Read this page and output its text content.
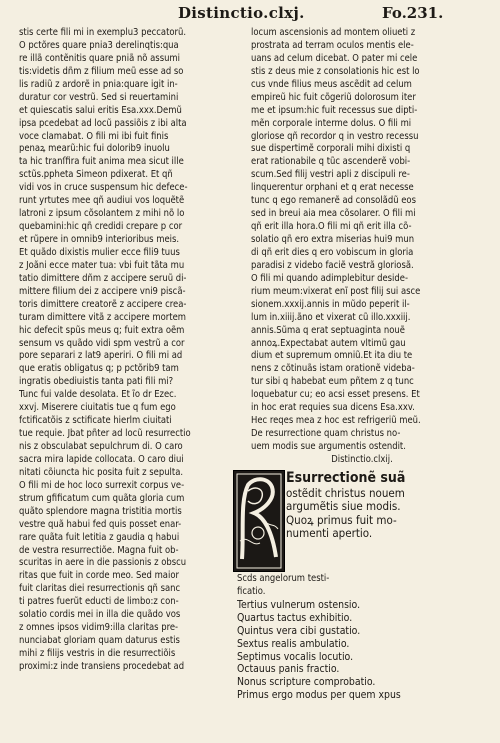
Distinctio.clxj.	Fo.231.
stis certe fili mi in exemplu3 peccatorũ.
O pctõres quare pnia3 derelinqtis:qua
re illã contẽnitis quare pniã nõ assumi
tis:videtis dñm z filium meũ esse ad so
lis radiũ z ardorẽ in pnia:quare igit in-
duratur cor vestrũ. Sed si reuertamini
et quiescatis salui eritis Esa.xxx.Demũ
ipsa pcedebat ad locũ passiõis z ibi alta
voce clamabat. O fili mi ibi fuit finis
penaꝝ mearũ:hic fui dolorib9 inuolu
ta hic tranſfira fuit anima mea sicut ille
sctũs.ppheta Simeon pdixerat. Et qñ
vidi vos in cruce suspensum hic defece-
runt yrtutes mee qñ audiui vos loquẽtẽ
latroni z ipsum cõsolantem z mihi nõ lo
quebamini:hic qñ credidi crepare p cor
et rũpere in omnib9 interioribus meis.
Et quãdo dixistis mulier ecce fili9 tuus
z Joãni ecce mater tua: vbi fuit tãta mu
tatio dimittere dñm z accipere seruũ di-
mittere filium dei z accipere vni9 piscã-
toris dimittere creatorẽ z accipere crea-
turam dimittere vitã z accipere mortem
hic defecit spũs meus q; fuit extra oẽm
sensum vs quãdo vidi spm vestrũ a cor
pore separari z lat9 aperiri. O fili mi ad
que eratis obligatus q; p pctõrib9 tam
ingratis obediuistis tanta pati fili mi?
Tunc fui valde desolata. Et ĩo dr Ezec.
xxvj. Miserere ciuitatis tue q fum ego
fctificatõis z sctificate hierlm ciuitati
tue requie. Jbat pñter ad locũ resurrectio
nis z obsculabat sepulchrum di. O caro
sacra mira lapide collocata. O caro diui
nitati cõiuncta hic posita fuit z sepulta.
O fili mi de hoc loco surrexit corpus ve-
strum gfificatum cum quãta gloria cum
quãto splendore magna tristitia mortis
vestre quã habui fed quis posset enar-
rare quãta fuit letitia z gaudia q habui
de vestra resurrectiõe. Magna fuit ob-
scuritas in aere in die passionis z obscu
ritas que fuit in corde meo. Sed maior
fuit claritas diei resurrectionis qñ sanc
ti patres fuerũt educti de limbo:z con-
solatio cordis mei in illa die quãdo vos
z omnes ipsos vidim9:illa claritas pre-
nunciabat gloriam quam daturus estis
mihi z filijs vestris in die resurrectiõis
proximi:z inde transiens procedebat ad
locum ascensionis ad montem oliueti z
prostrata ad terram oculos mentis ele-
uans ad celum dicebat. O pater mi cele
stis z deus mie z consolationis hic est lo
cus vnde filius meus ascẽdit ad celum
empireũ hic fuit cõgeriũ dolorosum iter
me et ipsum:hic fuit recessus sue dipti-
mẽn corporale interme dolus. O fili mi
gloriose qñ recordor q in vestro recessu
sue dispertimẽ corporali mihi dixisti q
erat rationabile q tũc ascenderẽ vobi-
scum.Sed filij vestri apli z discipuli re-
linquerentur orphani et q erat necesse
tunc q ego remanerẽ ad consolãdũ eos
sed in breui aia mea cõsolarer. O fili mi
qñ erit illa hora.O fili mi qñ erit illa cõ-
solatio qñ ero extra miserias hui9 mun
di qñ erit dies q ero vobiscum in gloria
paradisi z videbo faciẽ vestrã gloriosã.
O fili mi quando adimplebitur deside-
rium meum:vixerat enĩ post filij sui asce
sionem.xxxij.annis in mũdo peperit il-
lum in.xiiij.ãno et vixerat cũ illo.xxxiij.
annis.Sũma q erat septuaginta nouẽ
annoꝝ.Expectabat autem vltimũ gau
dium et supremum omniũ.Et ita diu te
nens z cõtinuãs istam orationẽ videba-
tur sibi q habebat eum pñtem z q tunc
loquebatur cu; eo acsi esset presens. Et
in hoc erat requies sua dicens Esa.xxv.
Hec reqes mea z hoc est refrigeriũ meũ.
De resurrectione quam christus no-
uem modis sue argumentis ostendit.
Distinctio.clxij.
Esurrectionẽ suã
ostẽdit christus nouem
argumẽtis siue modis.
Quoꝝ primus fuit mo-
numenti apertio.
Scds angelorum testi-
ficatio.
Tertius vulnerum ostensio.
Quartus tactus exhibitio.
Quintus vera cibi gustatio.
Sextus realis ambulatio.
Septimus vocalis locutio.
Octauus panis fractio.
Nonus scripture comprobatio.
Primus ergo modus per quem xpus
